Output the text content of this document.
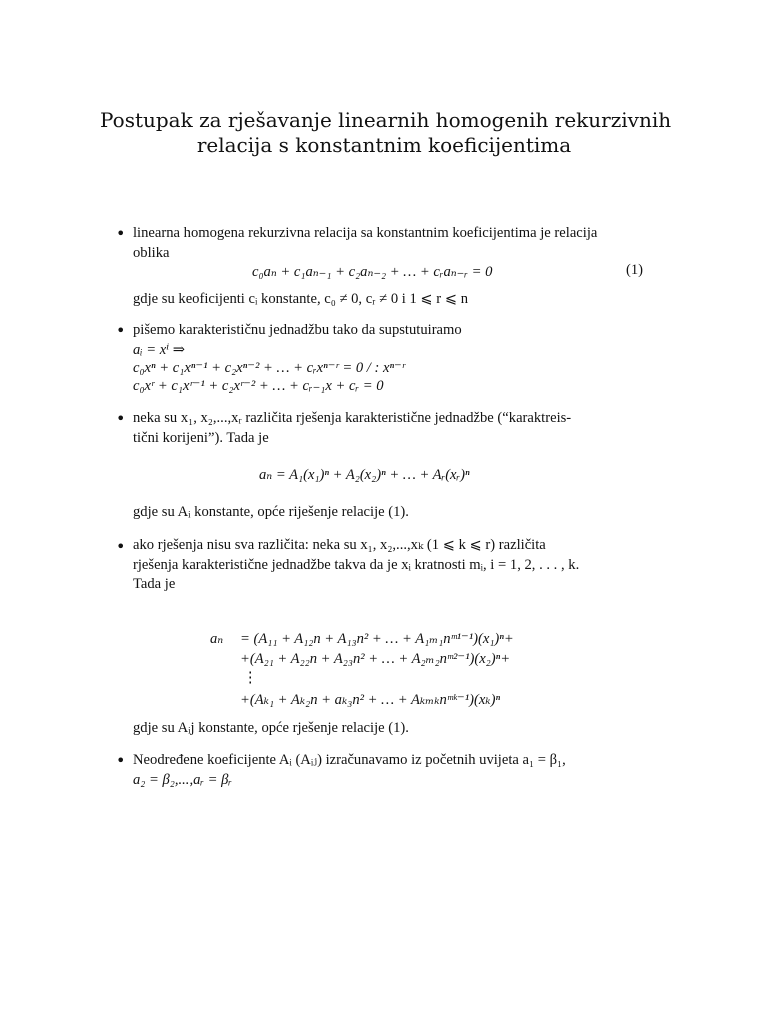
Postupak za rješavanje linearnih homogenih rekurzivnih
relacija s konstantnim koeficijentima
• linearna homogena rekurzivna relacija sa konstantnim koeficijentima je relacija
oblika
c₀aₙ + c₁aₙ₋₁ + c₂aₙ₋₂ + … + cᵣaₙ₋ᵣ = 0	(1)
gdje su keoficijenti cᵢ konstante, c₀ ≠ 0, cᵣ ≠ 0 i 1 ⩽ r ⩽ n
• pišemo karakterističnu jednadžbu tako da supstutuiramo
aᵢ = xⁱ ⇒
c₀xⁿ + c₁xⁿ⁻¹ + c₂xⁿ⁻² + … + cᵣxⁿ⁻ʳ = 0 / : xⁿ⁻ʳ
c₀xʳ + c₁xʳ⁻¹ + c₂xʳ⁻² + … + cᵣ₋₁x + cᵣ = 0
• neka su x₁, x₂,...,xᵣ različita rješenja karakteristične jednadžbe (“karaktreis-
tični korijeni”). Tada je
aₙ = A₁(x₁)ⁿ + A₂(x₂)ⁿ + … + Aᵣ(xᵣ)ⁿ
gdje su Aᵢ konstante, opće riješenje relacije (1).
• ako rješenja nisu sva različita: neka su x₁, x₂,...,xₖ (1 ⩽ k ⩽ r) različita
rješenja karakteristične jednadžbe takva da je xᵢ kratnosti mᵢ, i = 1, 2, . . . , k.
Tada je
aₙ = (A₁₁ + A₁₂n + A₁₃n² + … + A₁ₘ₁nᵐ¹⁻¹)(x₁)ⁿ+
+(A₂₁ + A₂₂n + A₂₃n² + … + A₂ₘ₂nᵐ²⁻¹)(x₂)ⁿ+
⋮
+(Aₖ₁ + Aₖ₂n + aₖ₃n² + … + Aₖₘₖnᵐᵏ⁻¹)(xₖ)ⁿ
gdje su Aᵢj konstante, opće rješenje relacije (1).
• Neodređene koeficijente Aᵢ (Aᵢⱼ) izračunavamo iz početnih uvijeta a₁ = β₁,
a₂ = β₂,...,aᵣ = βᵣ
